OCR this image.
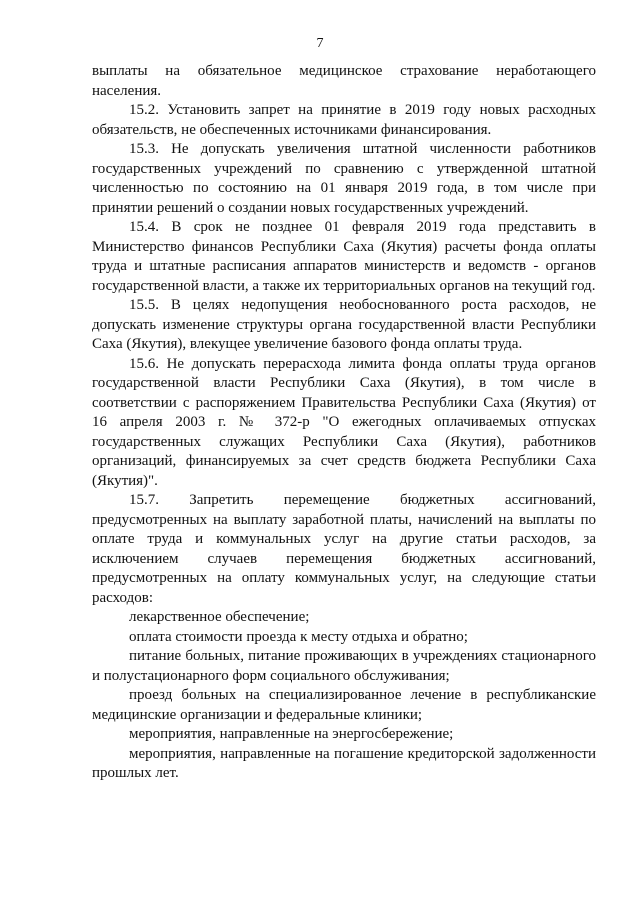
7

выплаты на обязательное медицинское страхование неработающего населения.

15.2. Установить запрет на принятие в 2019 году новых расходных обязательств, не обеспеченных источниками финансирования.

15.3. Не допускать увеличения штатной численности работников государственных учреждений по сравнению с утвержденной штатной численностью по состоянию на 01 января 2019 года, в том числе при принятии решений о создании новых государственных учреждений.

15.4. В срок не позднее 01 февраля 2019 года представить в Министерство финансов Республики Саха (Якутия) расчеты фонда оплаты труда и штатные расписания аппаратов министерств и ведомств - органов государственной власти, а также их территориальных органов на текущий год.

15.5. В целях недопущения необоснованного роста расходов, не допускать изменение структуры органа государственной власти Республики Саха (Якутия), влекущее увеличение базового фонда оплаты труда.

15.6. Не допускать перерасхода лимита фонда оплаты труда органов государственной власти Республики Саха (Якутия), в том числе в соответствии с распоряжением Правительства Республики Саха (Якутия) от 16 апреля 2003 г. № 372-р "О ежегодных оплачиваемых отпусках государственных служащих Республики Саха (Якутия), работников организаций, финансируемых за счет средств бюджета Республики Саха (Якутия)".

15.7. Запретить перемещение бюджетных ассигнований, предусмотренных на выплату заработной платы, начислений на выплаты по оплате труда и коммунальных услуг на другие статьи расходов, за исключением случаев перемещения бюджетных ассигнований, предусмотренных на оплату коммунальных услуг, на следующие статьи расходов:

лекарственное обеспечение;

оплата стоимости проезда к месту отдыха и обратно;

питание больных, питание проживающих в учреждениях стационарного и полустационарного форм социального обслуживания;

проезд больных на специализированное лечение в республиканские медицинские организации и федеральные клиники;

мероприятия, направленные на энергосбережение;

мероприятия, направленные на погашение кредиторской задолженности прошлых лет.
